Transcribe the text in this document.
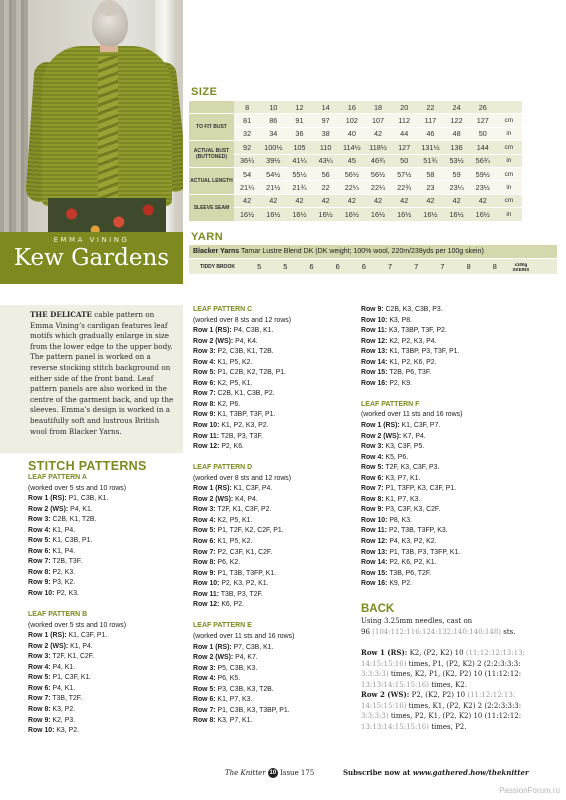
EMMA VINING
Kew Gardens
SIZE
	8	10	12	14	16	18	20	22	24	26	
TO FIT BUST	81	86	91	97	102	107	112	117	122	127	cm
	32	34	36	38	40	42	44	46	48	50	in
ACTUAL BUST (BUTTONED)	92	100½	105	110	114½	118½	127	131½	136	144	cm
	36¼	39½	41¼	43¼	45	46¾	50	51¾	53½	56¾	in
ACTUAL LENGTH	54	54½	55½	56	56½	56½	57½	58	59	59½	cm
	21¼	21½	21¾	22	22¼	22¼	22¾	23	23¼	23½	in
SLEEVE SEAM	42	42	42	42	42	42	42	42	42	42	cm
	16½	16½	16½	16½	16½	16½	16½	16½	16½	16½	in
YARN
Blacker Yarns Tamar Lustre Blend DK (DK weight; 100% wool, 220m/238yds per 100g skein)
TIDDY BROOK	5	5	6	6	6	7	7	7	8	8	x100g SKEINS
THE DELICATE cable pattern on Emma Vining’s cardigan features leaf motifs which gradually enlarge in size from the lower edge to the upper body. The pattern panel is worked on a reverse stocking stitch background on either side of the front band. Leaf pattern panels are also worked in the centre of the garment back, and up the sleeves. Emma’s design is worked in a beautifully soft and lustrous British wool from Blacker Yarns.
STITCH PATTERNS
LEAF PATTERN A
(worked over 5 sts and 10 rows)
Row 1 (RS): P1, C3B, K1.
Row 2 (WS): P4, K1.
Row 3: C2B, K1, T2B.
Row 4: K1, P4.
Row 5: K1, C3B, P1.
Row 6: K1, P4.
Row 7: T2B, T3F.
Row 8: P2, K3.
Row 9: P3, K2.
Row 10: P2, K3.
LEAF PATTERN B
(worked over 5 sts and 10 rows)
Row 1 (RS): K1, C3F, P1.
Row 2 (WS): K1, P4.
Row 3: T2F, K1, C2F.
Row 4: P4, K1.
Row 5: P1, C3F, K1.
Row 6: P4, K1.
Row 7: T3B, T2F.
Row 8: K3, P2.
Row 9: K2, P3.
Row 10: K3, P2.
LEAF PATTERN C
(worked over 8 sts and 12 rows)
Row 1 (RS): P4, C3B, K1.
Row 2 (WS): P4, K4.
Row 3: P2, C3B, K1, T2B.
Row 4: K1, P5, K2.
Row 5: P1, C2B, K2, T2B, P1.
Row 6: K2, P5, K1.
Row 7: C2B, K1, C3B, P2.
Row 8: K2, P6.
Row 9: K1, T3BP, T3F, P1.
Row 10: K1, P2, K3, P2.
Row 11: T2B, P3, T3F.
Row 12: P2, K6.
LEAF PATTERN D
(worked over 8 sts and 12 rows)
Row 1 (RS): K1, C3F, P4.
Row 2 (WS): K4, P4.
Row 3: T2F, K1, C3F, P2.
Row 4: K2, P5, K1.
Row 5: P1, T2F, K2, C2F, P1.
Row 6: K1, P5, K2.
Row 7: P2, C3F, K1, C2F.
Row 8: P6, K2.
Row 9: P1, T3B, T3FP, K1.
Row 10: P2, K3, P2, K1.
Row 11: T3B, P3, T2F.
Row 12: K6, P2.
LEAF PATTERN E
(worked over 11 sts and 16 rows)
Row 1 (RS): P7, C3B, K1.
Row 2 (WS): P4, K7.
Row 3: P5, C3B, K3.
Row 4: P6, K5.
Row 5: P3, C3B, K3, T2B.
Row 6: K1, P7, K3.
Row 7: P1, C3B, K3, T3BP, P1.
Row 8: K3, P7, K1.
Row 9: C2B, K3, C3B, P3.
Row 10: K3, P8.
Row 11: K3, T3BP, T3F, P2.
Row 12: K2, P2, K3, P4.
Row 13: K1, T3BP, P3, T3F, P1.
Row 14: K1, P2, K6, P2.
Row 15: T2B, P6, T3F.
Row 16: P2, K9.
LEAF PATTERN F
(worked over 11 sts and 16 rows)
Row 1 (RS): K1, C3F, P7.
Row 2 (WS): K7, P4.
Row 3: K3, C3F, P5.
Row 4: K5, P6.
Row 5: T2F, K3, C3F, P3.
Row 6: K3, P7, K1.
Row 7: P1, T3FP, K3, C3F, P1.
Row 8: K1, P7, K3.
Row 9: P3, C3F, K3, C2F.
Row 10: P8, K3.
Row 11: P2, T3B, T3FP, K3.
Row 12: P4, K3, P2, K2.
Row 13: P1, T3B, P3, T3FP, K1.
Row 14: P2, K6, P2, K1.
Row 15: T3B, P6, T2F.
Row 16: K9, P2.
BACK
Using 3.25mm needles, cast on
96 (104:112:116:124:132:140:140:148) sts.
Row 1 (RS): K2, (P2, K2) 10 (11:12:12:13:13:
14:15:15:16) times, P1, (P2, K2) 2 (2:2:3:3:3:
3:3:3:3) times, K2, P1, (K2, P2) 10 (11:12:12:
13:13:14:15:15:16) times, K2.
Row 2 (WS): P2, (K2, P2) 10 (11:12:12:13:
14:15:15:16) times, K1, (P2, K2) 2 (2:2:3:3:3:
3:3:3:3) times, P2, K1, (P2, K2) 10 (11:12:12:
13:13:14:15:15:16) times, P2.
The Knitter 10 Issue 175	Subscribe now at www.gathered.how/theknitter
PassionForum.ru
